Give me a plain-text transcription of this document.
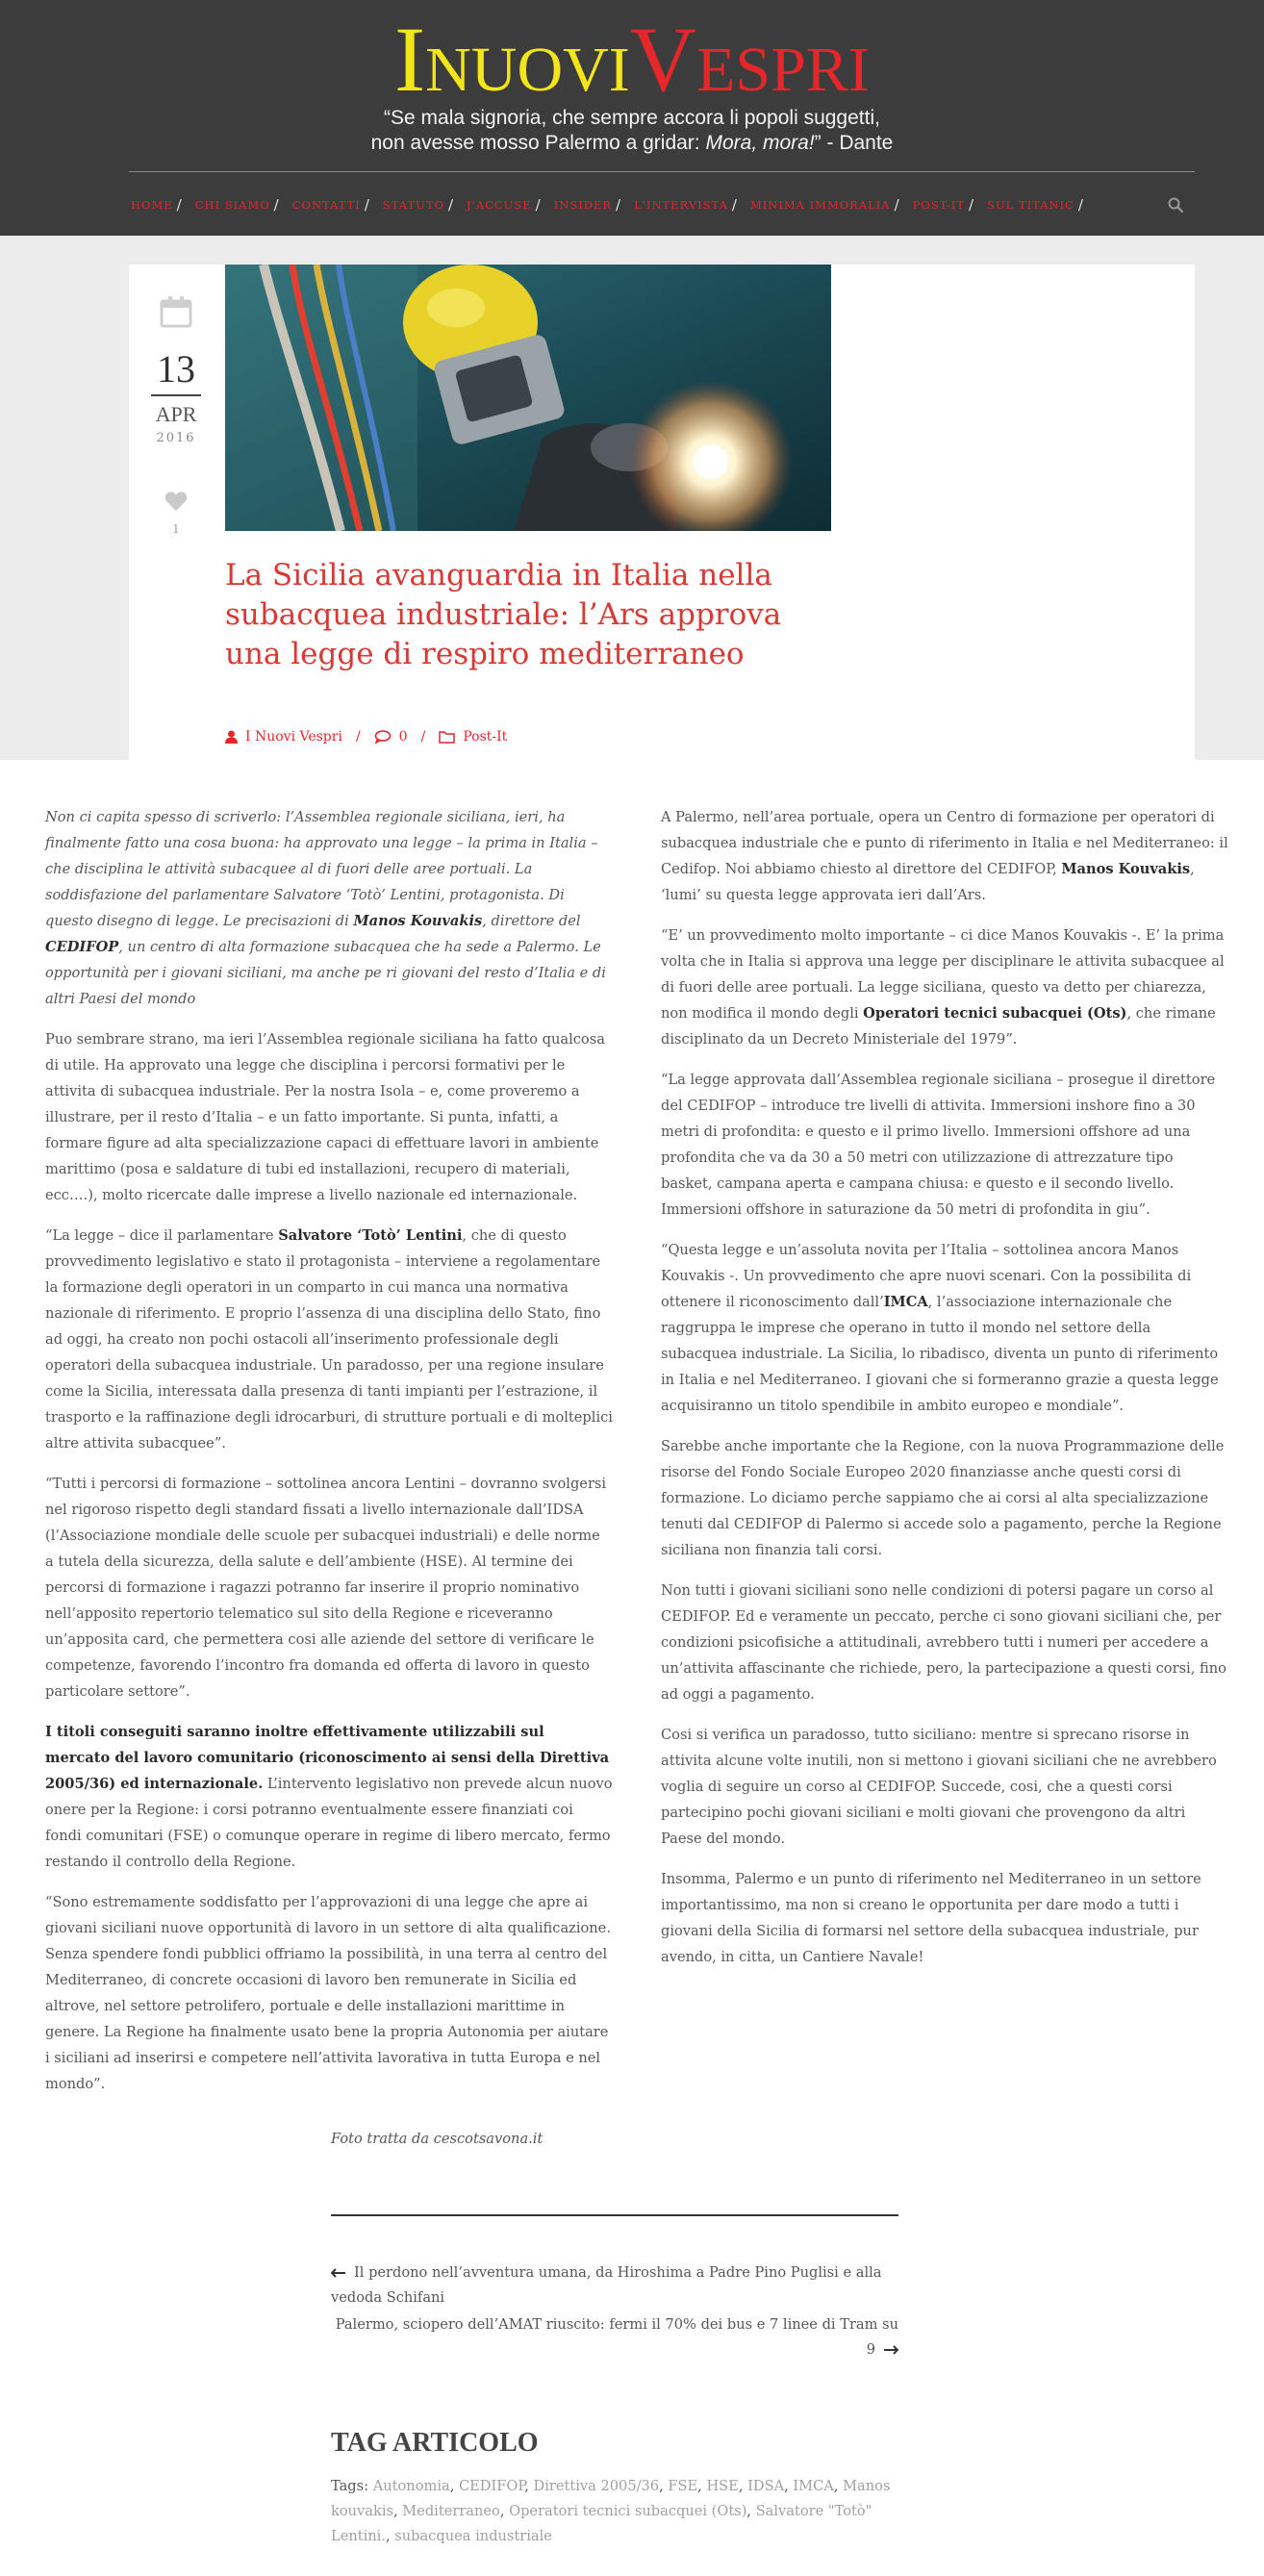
INUOVIVESPRI
“Se mala signoria, che sempre accora li popoli suggetti,
non avesse mosso Palermo a gridar: Mora, mora!” - Dante
HOME / CHI SIAMO / CONTATTI / STATUTO / J'ACCUSE / INSIDER / L'INTERVISTA / MINIMA IMMORALIA / POST-IT / SUL TITANIC /
13
APR
2016
1
La Sicilia avanguardia in Italia nella subacquea industriale: l’Ars approva una legge di respiro mediterraneo
I Nuovi Vespri /	0 /	Post-It

Non ci capita spesso di scriverlo: l’Assemblea regionale siciliana, ieri, ha finalmente fatto una cosa buona: ha approvato una legge – la prima in Italia – che disciplina le attività subacquee al di fuori delle aree portuali. La soddisfazione del parlamentare Salvatore ‘Totò’ Lentini, protagonista. Di questo disegno di legge. Le precisazioni di Manos Kouvakis, direttore del CEDIFOP, un centro di alta formazione subacquea che ha sede a Palermo. Le opportunità per i giovani siciliani, ma anche pe ri giovani del resto d’Italia e di altri Paesi del mondo

Puo sembrare strano, ma ieri l’Assemblea regionale siciliana ha fatto qualcosa di utile. Ha approvato una legge che disciplina i percorsi formativi per le attivita di subacquea industriale. Per la nostra Isola – e, come proveremo a illustrare, per il resto d’Italia – e un fatto importante. Si punta, infatti, a formare figure ad alta specializzazione capaci di effettuare lavori in ambiente marittimo (posa e saldature di tubi ed installazioni, recupero di materiali, ecc….), molto ricercate dalle imprese a livello nazionale ed internazionale.

“La legge – dice il parlamentare Salvatore ‘Totò’ Lentini, che di questo provvedimento legislativo e stato il protagonista – interviene a regolamentare la formazione degli operatori in un comparto in cui manca una normativa nazionale di riferimento. E proprio l’assenza di una disciplina dello Stato, fino ad oggi, ha creato non pochi ostacoli all’inserimento professionale degli operatori della subacquea industriale. Un paradosso, per una regione insulare come la Sicilia, interessata dalla presenza di tanti impianti per l’estrazione, il trasporto e la raffinazione degli idrocarburi, di strutture portuali e di molteplici altre attivita subacquee”.

“Tutti i percorsi di formazione – sottolinea ancora Lentini – dovranno svolgersi nel rigoroso rispetto degli standard fissati a livello internazionale dall’IDSA (l’Associazione mondiale delle scuole per subacquei industriali) e delle norme a tutela della sicurezza, della salute e dell’ambiente (HSE). Al termine dei percorsi di formazione i ragazzi potranno far inserire il proprio nominativo nell’apposito repertorio telematico sul sito della Regione e riceveranno un’apposita card, che permettera cosi alle aziende del settore di verificare le competenze, favorendo l’incontro fra domanda ed offerta di lavoro in questo particolare settore”.

I titoli conseguiti saranno inoltre effettivamente utilizzabili sul mercato del lavoro comunitario (riconoscimento ai sensi della Direttiva 2005/36) ed internazionale. L’intervento legislativo non prevede alcun nuovo onere per la Regione: i corsi potranno eventualmente essere finanziati coi fondi comunitari (FSE) o comunque operare in regime di libero mercato, fermo restando il controllo della Regione.

“Sono estremamente soddisfatto per l’approvazioni di una legge che apre ai giovani siciliani nuove opportunità di lavoro in un settore di alta qualificazione. Senza spendere fondi pubblici offriamo la possibilità, in una terra al centro del Mediterraneo, di concrete occasioni di lavoro ben remunerate in Sicilia ed altrove, nel settore petrolifero, portuale e delle installazioni marittime in genere. La Regione ha finalmente usato bene la propria Autonomia per aiutare i siciliani ad inserirsi e competere nell’attivita lavorativa in tutta Europa e nel mondo”.

A Palermo, nell’area portuale, opera un Centro di formazione per operatori di subacquea industriale che e punto di riferimento in Italia e nel Mediterraneo: il Cedifop. Noi abbiamo chiesto al direttore del CEDIFOP, Manos Kouvakis, ‘lumi’ su questa legge approvata ieri dall’Ars.

“E’ un provvedimento molto importante – ci dice Manos Kouvakis -. E’ la prima volta che in Italia si approva una legge per disciplinare le attivita subacquee al di fuori delle aree portuali. La legge siciliana, questo va detto per chiarezza, non modifica il mondo degli Operatori tecnici subacquei (Ots), che rimane disciplinato da un Decreto Ministeriale del 1979”.

“La legge approvata dall’Assemblea regionale siciliana – prosegue il direttore del CEDIFOP – introduce tre livelli di attivita. Immersioni inshore fino a 30 metri di profondita: e questo e il primo livello. Immersioni offshore ad una profondita che va da 30 a 50 metri con utilizzazione di attrezzature tipo basket, campana aperta e campana chiusa: e questo e il secondo livello. Immersioni offshore in saturazione da 50 metri di profondita in giu”.

“Questa legge e un’assoluta novita per l’Italia – sottolinea ancora Manos Kouvakis -. Un provvedimento che apre nuovi scenari. Con la possibilita di ottenere il riconoscimento dall’IMCA, l’associazione internazionale che raggruppa le imprese che operano in tutto il mondo nel settore della subacquea industriale. La Sicilia, lo ribadisco, diventa un punto di riferimento in Italia e nel Mediterraneo. I giovani che si formeranno grazie a questa legge acquisiranno un titolo spendibile in ambito europeo e mondiale”.

Sarebbe anche importante che la Regione, con la nuova Programmazione delle risorse del Fondo Sociale Europeo 2020 finanziasse anche questi corsi di formazione. Lo diciamo perche sappiamo che ai corsi al alta specializzazione tenuti dal CEDIFOP di Palermo si accede solo a pagamento, perche la Regione siciliana non finanzia tali corsi.

Non tutti i giovani siciliani sono nelle condizioni di potersi pagare un corso al CEDIFOP. Ed e veramente un peccato, perche ci sono giovani siciliani che, per condizioni psicofisiche a attitudinali, avrebbero tutti i numeri per accedere a un’attivita affascinante che richiede, pero, la partecipazione a questi corsi, fino ad oggi a pagamento.

Cosi si verifica un paradosso, tutto siciliano: mentre si sprecano risorse in attivita alcune volte inutili, non si mettono i giovani siciliani che ne avrebbero voglia di seguire un corso al CEDIFOP. Succede, cosi, che a questi corsi partecipino pochi giovani siciliani e molti giovani che provengono da altri Paese del mondo.

Insomma, Palermo e un punto di riferimento nel Mediterraneo in un settore importantissimo, ma non si creano le opportunita per dare modo a tutti i giovani della Sicilia di formarsi nel settore della subacquea industriale, pur avendo, in citta, un Cantiere Navale!

Foto tratta da cescotsavona.it
Il perdono nell’avventura umana, da Hiroshima a Padre Pino Puglisi e alla vedoda Schifani
Palermo, sciopero dell’AMAT riuscito: fermi il 70% dei bus e 7 linee di Tram su 9
TAG ARTICOLO
Tags: Autonomia, CEDIFOP, Direttiva 2005/36, FSE, HSE, IDSA, IMCA, Manos kouvakis, Mediterraneo, Operatori tecnici subacquei (Ots), Salvatore "Totò" Lentini., subacquea industriale
